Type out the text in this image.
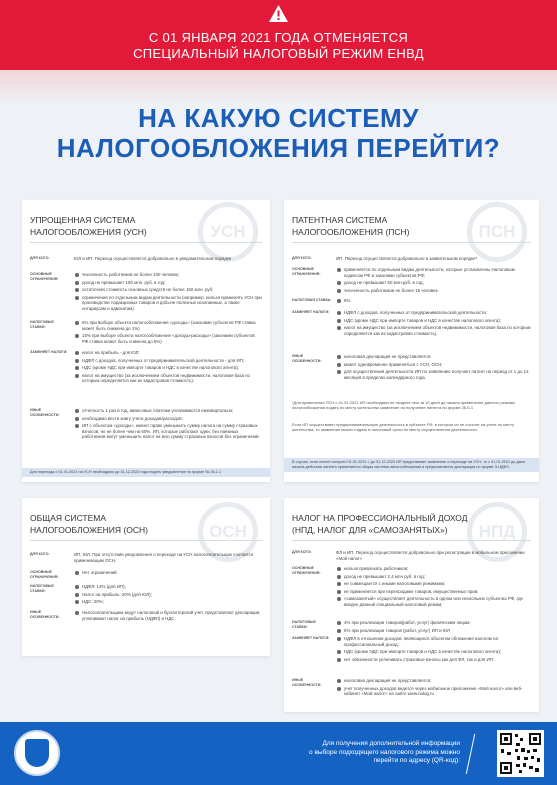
С 01 ЯНВАРЯ 2021 ГОДА ОТМЕНЯЕТСЯ
СПЕЦИАЛЬНЫЙ НАЛОГОВЫЙ РЕЖИМ ЕНВД
НА КАКУЮ СИСТЕМУ
НАЛОГООБЛОЖЕНИЯ ПЕРЕЙТИ?
УСН
УПРОЩЕННАЯ СИСТЕМА
НАЛОГООБЛОЖЕНИЯ (УСН)
ДЛЯ КОГО:	ЮЛ и ИП. Переход осуществляется добровольно в уведомительном порядке
ОСНОВНЫЕ ОГРАНИЧЕНИЯ:
численность работников не более 100 человек;
доход не превышает 150 млн. руб. в год;
остаточная стоимость основных средств не более 150 млн. руб;
ограничения по отдельным видам деятельности (например, нельзя применять УСН при производстве подакцизных товаров и добыче полезных ископаемых, а также нотариусам и адвокатам).
НАЛОГОВЫЕ СТАВКИ:
6% при выборе объекта налогообложения «доходы» (законами субъектов РФ ставка может быть снижена до 1%)
15% при выборе объекта налогообложения «доходы-расходы» (законами субъектов РФ ставка может быть снижена до 5%)
ЗАМЕНЯЕТ НАЛОГИ:	налог на прибыль - для ЮЛ;
НДФЛ с доходов, полученных от предпринимательской деятельности - для ИП;
НДС (кроме НДС при импорте товаров и НДС в качестве налогового агента);
налог на имущество (за исключением объектов недвижимости, налоговая база по которым определяется как их кадастровая стоимость).
ИНЫЕ ОСОБЕННОСТИ:
отчетность 1 раз в год, авансовые платежи уплачиваются ежеквартально;
необходимо вести книгу учета доходов/расходов;
ИП с объектом «доходы», имеют право уменьшить сумму налога на сумму страховых взносов, но не более чем на 50%. ИП, которые работают одни, без наемных работников могут уменьшить налог на всю сумму страховых взносов без ограничений.
Для перехода с 01.01.2021 на УСН необходимо до 31.12.2020 года подать уведомление по форме № 26.2-1
ПСН
ПАТЕНТНАЯ СИСТЕМА
НАЛОГООБЛОЖЕНИЯ (ПСН)
ДЛЯ КОГО:	ИП. Переход осуществляется добровольно в заявительном порядке*
ОСНОВНЫЕ ОГРАНИЧЕНИЯ:
применяется по отдельным видам деятельности, которые установлены Налоговым кодексом РФ и законами субъектов РФ;
доход не превышает 60 млн.руб. в год;
численность работников не более 15 человек.
НАЛОГОВАЯ СТАВКА:	6%
ЗАМЕНЯЕТ НАЛОГИ:	НДФЛ с доходов, полученных от предпринимательской деятельности;
НДС (кроме НДС при импорте товаров и НДС в качестве налогового агента);
налог на имущество (за исключением объектов недвижимости, налоговая база по которым определяется как их кадастровая стоимость).
ИНЫЕ ОСОБЕННОСТИ:
налоговая декларация не представляется;
может одновременно применяться с УСН, ОСН;
для осуществления деятельности ИП по заявлению получает патент на период от 1 до 12 месяцев в пределах календарного года.
*Для применения ПСН с 01.01.2021 ИП необходимо не позднее чем за 10 дней до начала применения данного режима налогообложения подать по месту жительства заявление на получение патента по форме 26.5-1
Если ИП осуществляет предпринимательскую деятельность в субъекте РФ, в котором он не состоит на учете по месту жительства, то заявление можно подать в налоговый орган по месту осуществления деятельности.
В случае, если патент получен 01.01.2021 г. до 31.12.2020 ИП представляет заявление о переходе на УСН, то с 01.01.2021 до даты начала действия патента применяется общая система налогообложения и представляется декларация по форме 3-НДФЛ.
ОСН
ОБЩАЯ СИСТЕМА
НАЛОГООБЛОЖЕНИЯ (ОСН)
ДЛЯ КОГО:	ИП, ЮЛ. При отсутствии уведомления о переходе на УСН налогоплательщик считается применяющим ОСН.
ОСНОВНЫЕ ОГРАНИЧЕНИЯ:
Нет ограничений
НАЛОГОВЫЕ СТАВКИ:
НДФЛ: 13% (для ИП);
Налог на прибыль: 20% (для ЮЛ);
НДС: 20%;
ИНЫЕ ОСОБЕННОСТИ:
Налогоплательщики ведут налоговый и бухгалтерский учет, представляют декларации, уплачивают налог на прибыль (НДФЛ) и НДС.
НПД
НАЛОГ НА ПРОФЕССИОНАЛЬНЫЙ ДОХОД
(НПД, НАЛОГ ДЛЯ «САМОЗАНЯТЫХ»)
ДЛЯ КОГО:	ФЛ и ИП. Переход осуществляется добровольно при регистрации в мобильном приложении «Мой налог»
ОСНОВНЫЕ ОГРАНИЧЕНИЯ:
нельзя привлекать работников;
доход не превышает 2,4 млн руб. в год;
не совмещается с иными налоговыми режимами;
не применяется при перепродаже товаров, имущественных прав;
«самозанятый» осуществляет деятельность в одном или нескольких субъектах РФ, где введен данный специальный налоговый режим;
НАЛОГОВЫЕ СТАВКИ:
4% при реализации товаров(работ, услуг) физическим лицам;
6% при реализации товаров (работ, услуг) ИП и ЮЛ
ЗАМЕНЯЕТ НАЛОГИ:	НДФЛ в отношении доходов, являющихся объектом обложения налогом на профессиональный доход;
НДС (кроме НДС при импорте товаров и НДС в качестве налогового агента);
нет обязанности уплачивать страховые взносы как для ФЛ, так и для ИП;
ИНЫЕ ОСОБЕННОСТИ:
налоговая декларация не представляется;
учет полученных доходов ведется через мобильное приложение «Мой налог» или веб-кабинет «Мой налог» на сайте www.nalog.ru
Для получения дополнительной информации
о выборе подходящего налогового режима можно
перейти по адресу (QR-код):
